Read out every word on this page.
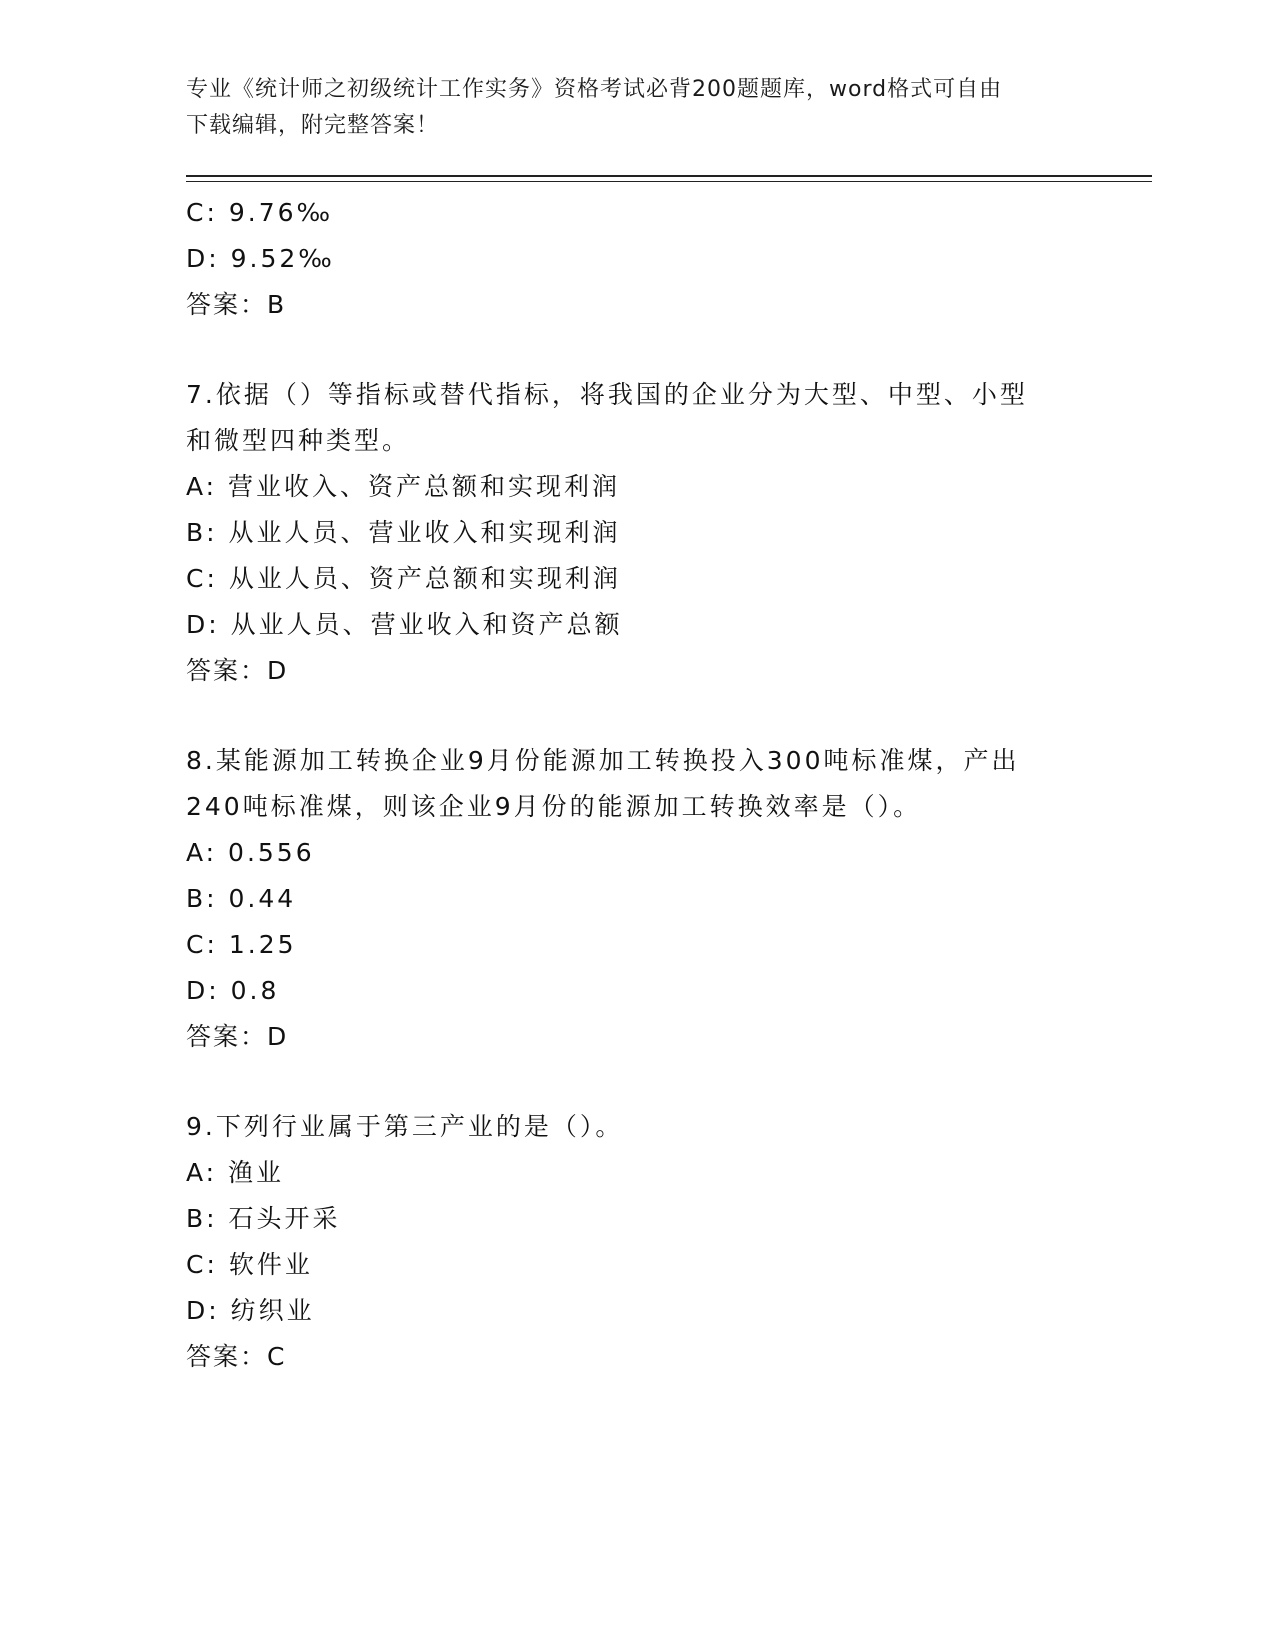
专业《统计师之初级统计工作实务》资格考试必背200题题库，word格式可自由
下载编辑，附完整答案！
C: 9.76‰
D: 9.52‰
答案：B
7.依据（）等指标或替代指标，将我国的企业分为大型、中型、小型
和微型四种类型。
A: 营业收入、资产总额和实现利润
B: 从业人员、营业收入和实现利润
C: 从业人员、资产总额和实现利润
D: 从业人员、营业收入和资产总额
答案：D
8.某能源加工转换企业9月份能源加工转换投入300吨标准煤，产出
240吨标准煤，则该企业9月份的能源加工转换效率是（）。
A: 0.556
B: 0.44
C: 1.25
D: 0.8
答案：D
9.下列行业属于第三产业的是（）。
A: 渔业
B: 石头开采
C: 软件业
D: 纺织业
答案：C
